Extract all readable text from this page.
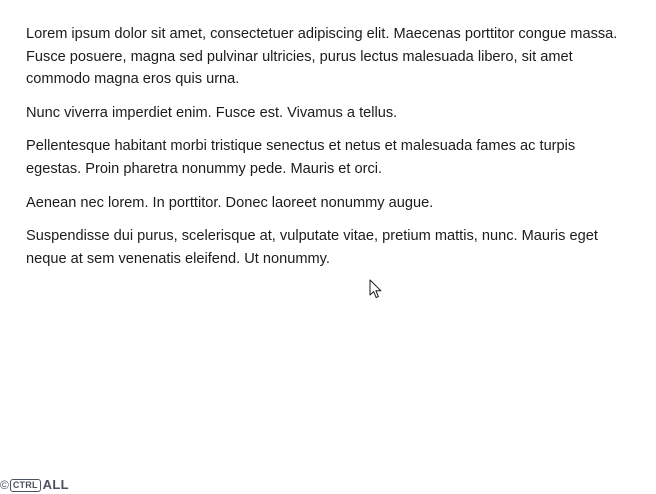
Lorem ipsum dolor sit amet, consectetuer adipiscing elit. Maecenas porttitor congue massa. Fusce posuere, magna sed pulvinar ultricies, purus lectus malesuada libero, sit amet commodo magna eros quis urna.

Nunc viverra imperdiet enim. Fusce est. Vivamus a tellus.

Pellentesque habitant morbi tristique senectus et netus et malesuada fames ac turpis egestas. Proin pharetra nonummy pede. Mauris et orci.

Aenean nec lorem. In porttitor. Donec laoreet nonummy augue.

Suspendisse dui purus, scelerisque at, vulputate vitae, pretium mattis, nunc. Mauris eget neque at sem venenatis eleifend. Ut nonummy.

© CTRL ALL
